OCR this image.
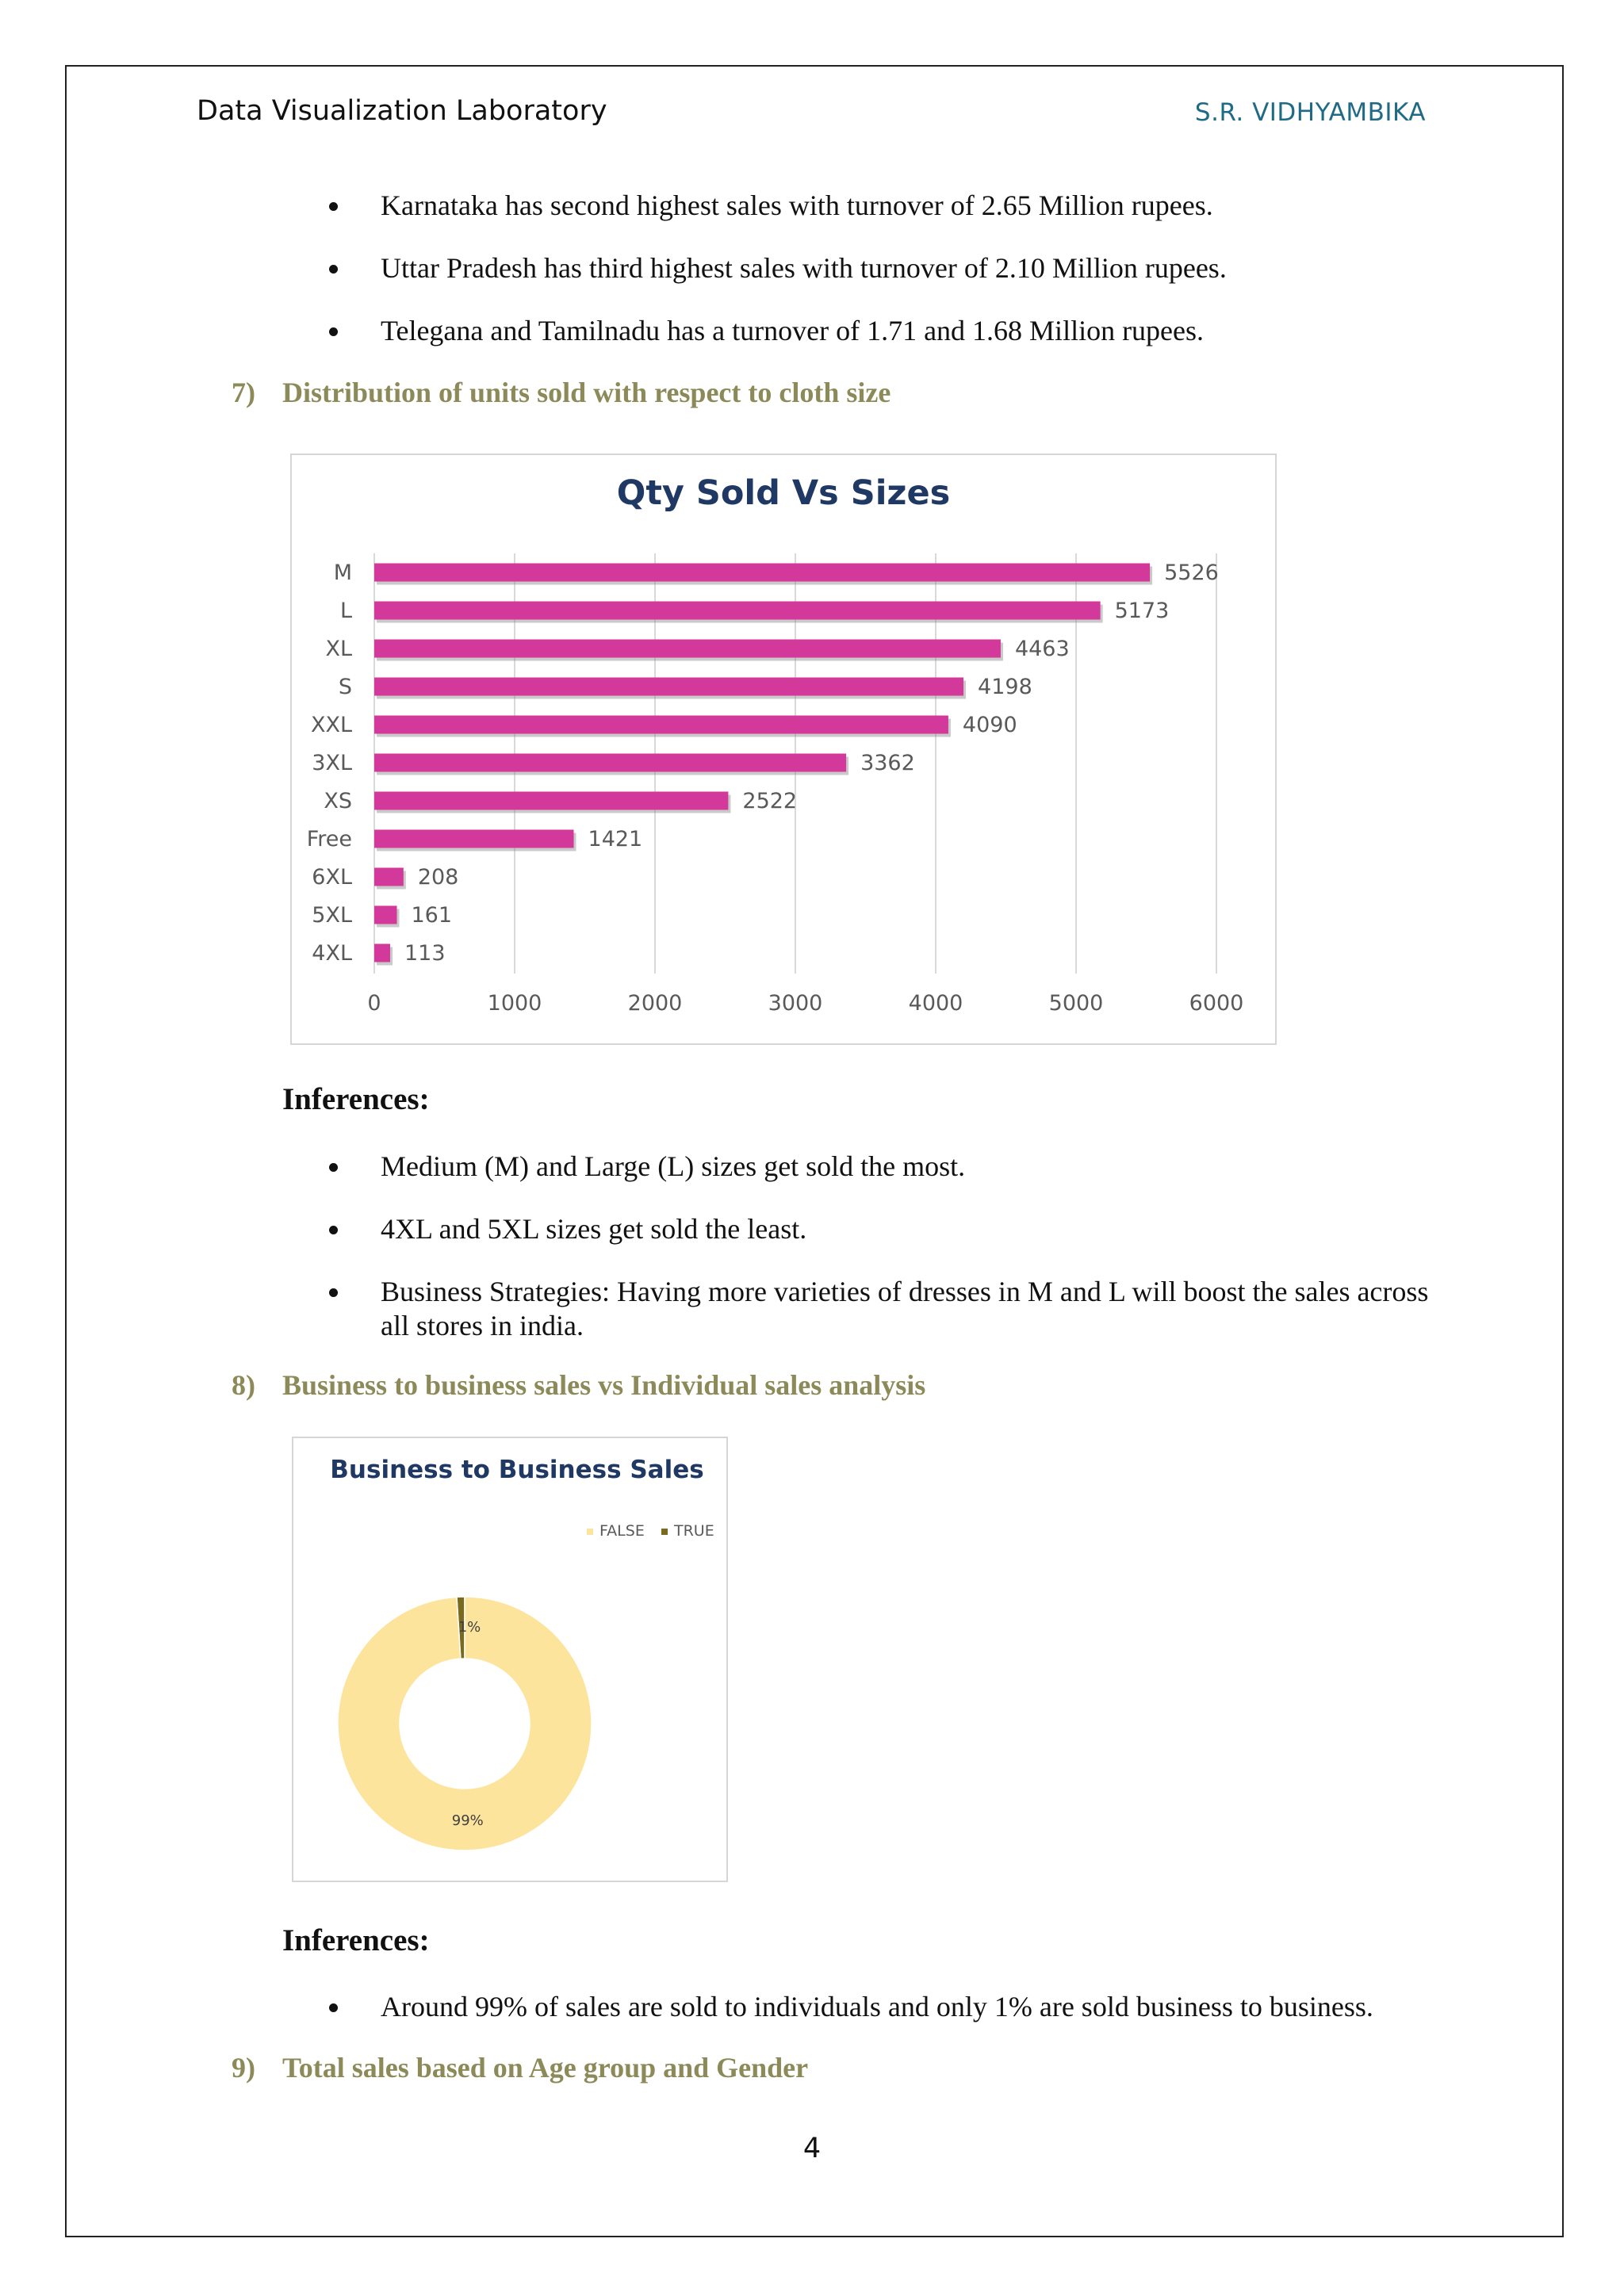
Data Visualization Laboratory	S.R. VIDHYAMBIKA
Karnataka has second highest sales with turnover of 2.65 Million rupees.
Uttar Pradesh has third highest sales with turnover of 2.10 Million rupees.
Telegana and Tamilnadu has a turnover of 1.71 and 1.68 Million rupees.
7) Distribution of units sold with respect to cloth size
Qty Sold Vs Sizes
M	5526
L	5173
XL	4463
S	4198
XXL	4090
3XL	3362
XS	2522
Free	1421
6XL	208
5XL	161
4XL 113
0	1000	2000	3000	4000	5000	6000
Inferences:
Medium (M) and Large (L) sizes get sold the most.
4XL and 5XL sizes get sold the least.
Business Strategies: Having more varieties of dresses in M and L will boost the sales across all stores in india.
8) Business to business sales vs Individual sales analysis
Business to Business Sales
FALSE TRUE
99%
1%
Inferences:
Around 99% of sales are sold to individuals and only 1% are sold business to business.
9) Total sales based on Age group and Gender
4
